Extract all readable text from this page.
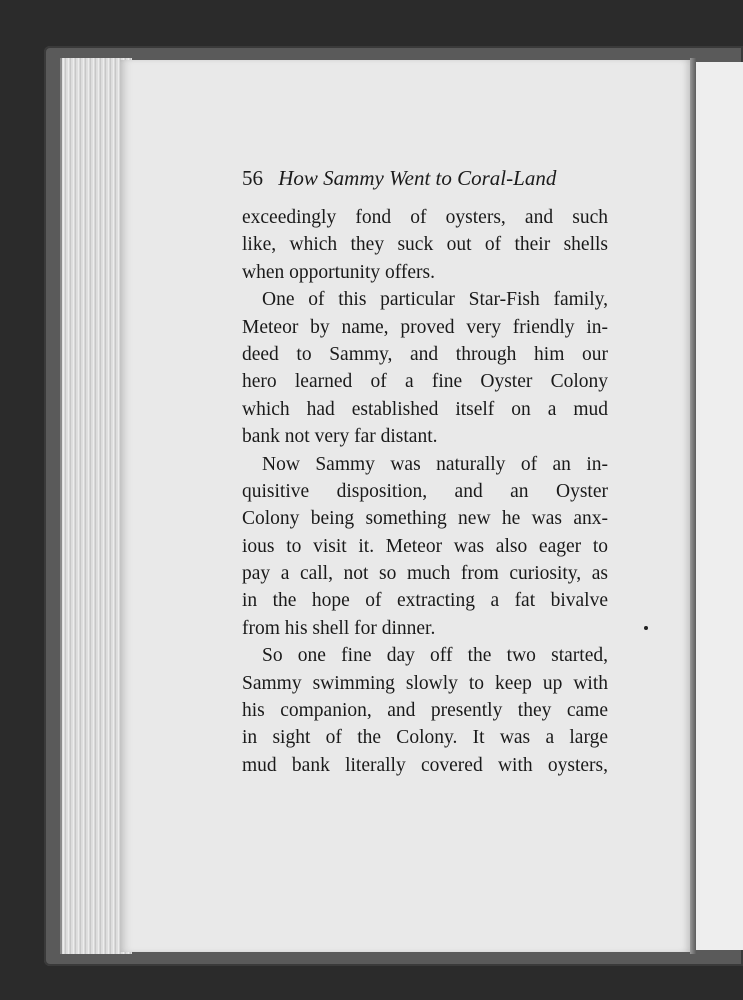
56 How Sammy Went to Coral-Land
exceedingly fond of oysters, and such
like, which they suck out of their shells
when opportunity offers.
One of this particular Star-Fish family,
Meteor by name, proved very friendly in-
deed to Sammy, and through him our
hero learned of a fine Oyster Colony
which had established itself on a mud
bank not very far distant.
Now Sammy was naturally of an in-
quisitive disposition, and an Oyster
Colony being something new he was anx-
ious to visit it. Meteor was also eager to
pay a call, not so much from curiosity, as
in the hope of extracting a fat bivalve
from his shell for dinner.
So one fine day off the two started,
Sammy swimming slowly to keep up with
his companion, and presently they came
in sight of the Colony. It was a large
mud bank literally covered with oysters,
